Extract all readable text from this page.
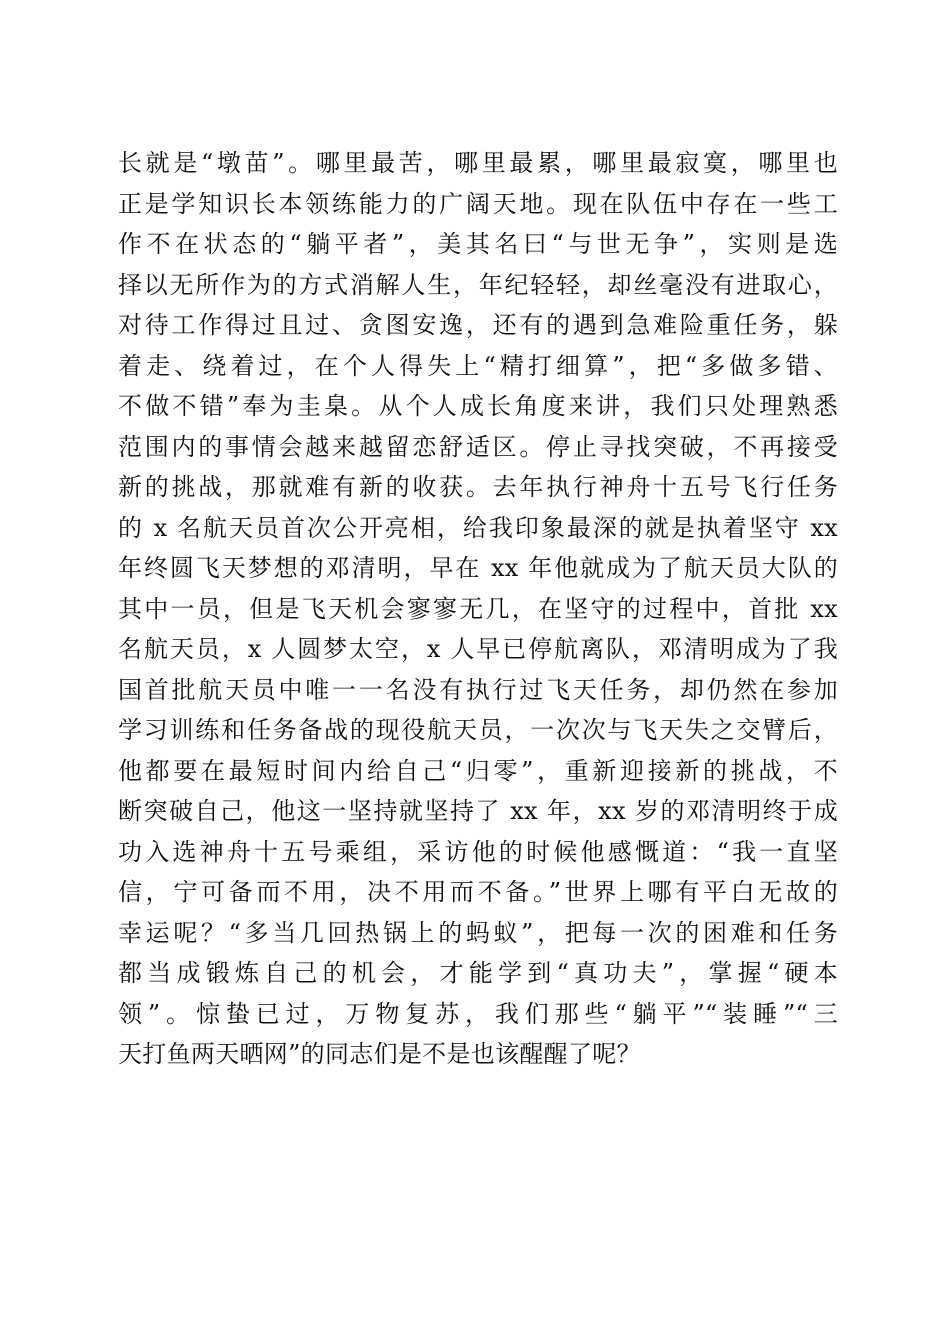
长就是“墩苗”。哪里最苦，哪里最累，哪里最寂寞，哪里也
正是学知识长本领练能力的广阔天地。现在队伍中存在一些工
作不在状态的“躺平者”，美其名曰“与世无争”，实则是选
择以无所作为的方式消解人生，年纪轻轻，却丝毫没有进取心，
对待工作得过且过、贪图安逸，还有的遇到急难险重任务，躲
着走、绕着过，在个人得失上“精打细算”，把“多做多错、
不做不错”奉为圭臬。从个人成长角度来讲，我们只处理熟悉
范围内的事情会越来越留恋舒适区。停止寻找突破，不再接受
新的挑战，那就难有新的收获。去年执行神舟十五号飞行任务
的 x 名航天员首次公开亮相，给我印象最深的就是执着坚守 xx
年终圆飞天梦想的邓清明，早在 xx 年他就成为了航天员大队的
其中一员，但是飞天机会寥寥无几，在坚守的过程中，首批 xx
名航天员，x 人圆梦太空，x 人早已停航离队，邓清明成为了我
国首批航天员中唯一一名没有执行过飞天任务，却仍然在参加
学习训练和任务备战的现役航天员，一次次与飞天失之交臂后，
他都要在最短时间内给自己“归零”，重新迎接新的挑战，不
断突破自己，他这一坚持就坚持了 xx 年，xx 岁的邓清明终于成
功入选神舟十五号乘组，采访他的时候他感慨道：“我一直坚
信，宁可备而不用，决不用而不备。”世界上哪有平白无故的
幸运呢？“多当几回热锅上的蚂蚁”，把每一次的困难和任务
都当成锻炼自己的机会，才能学到“真功夫”，掌握“硬本
领”。惊蛰已过，万物复苏，我们那些“躺平”“装睡”“三
天打鱼两天晒网”的同志们是不是也该醒醒了呢？
